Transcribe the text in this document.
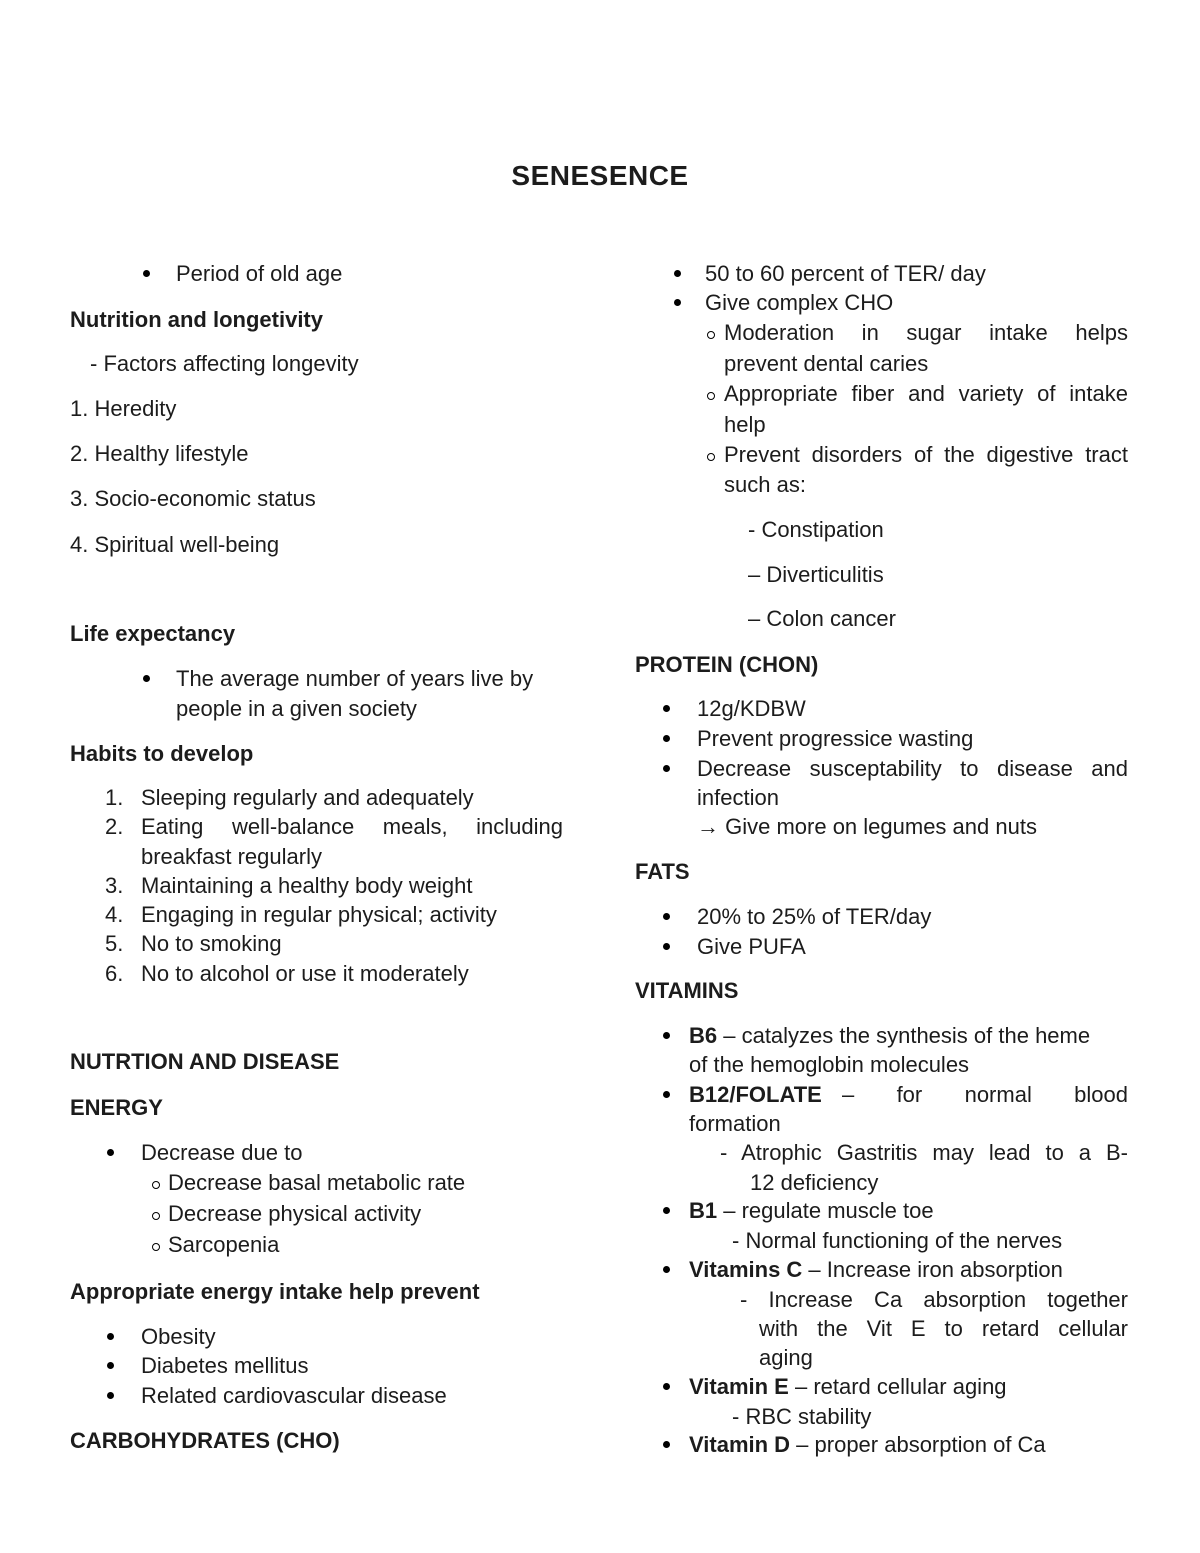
SENESENCE

Period of old age

Nutrition and longetivity

- Factors affecting longevity

1. Heredity

2. Healthy lifestyle

3. Socio-economic status

4. Spiritual well-being

Life expectancy

The average number of years live by

people in a given society

Habits to develop

1. Sleeping regularly and adequately

2. Eating well-balance meals, including

breakfast regularly

3. Maintaining a healthy body weight

4. Engaging in regular physical; activity

5. No to smoking

6. No to alcohol or use it moderately

NUTRTION AND DISEASE

ENERGY

Decrease due to

Decrease basal metabolic rate

Decrease physical activity

Sarcopenia

Appropriate energy intake help prevent

Obesity

Diabetes mellitus

Related cardiovascular disease

CARBOHYDRATES (CHO)

50 to 60 percent of TER/ day

Give complex CHO

Moderation in sugar intake helps

prevent dental caries

Appropriate fiber and variety of intake

help

Prevent disorders of the digestive tract

such as:

- Constipation

– Diverticulitis

– Colon cancer

PROTEIN (CHON)

12g/KDBW

Prevent progressice wasting

Decrease susceptability to disease and

infection

→ Give more on legumes and nuts

FATS

20% to 25% of TER/day

Give PUFA

VITAMINS

B6 – catalyzes the synthesis of the heme

of the hemoglobin molecules

B12/FOLATE – for normal blood

formation

- Atrophic Gastritis may lead to a B-

12 deficiency

B1 – regulate muscle toe

- Normal functioning of the nerves

Vitamins C – Increase iron absorption

- Increase Ca absorption together

with the Vit E to retard cellular

aging

Vitamin E – retard cellular aging

- RBC stability

Vitamin D – proper absorption of Ca
